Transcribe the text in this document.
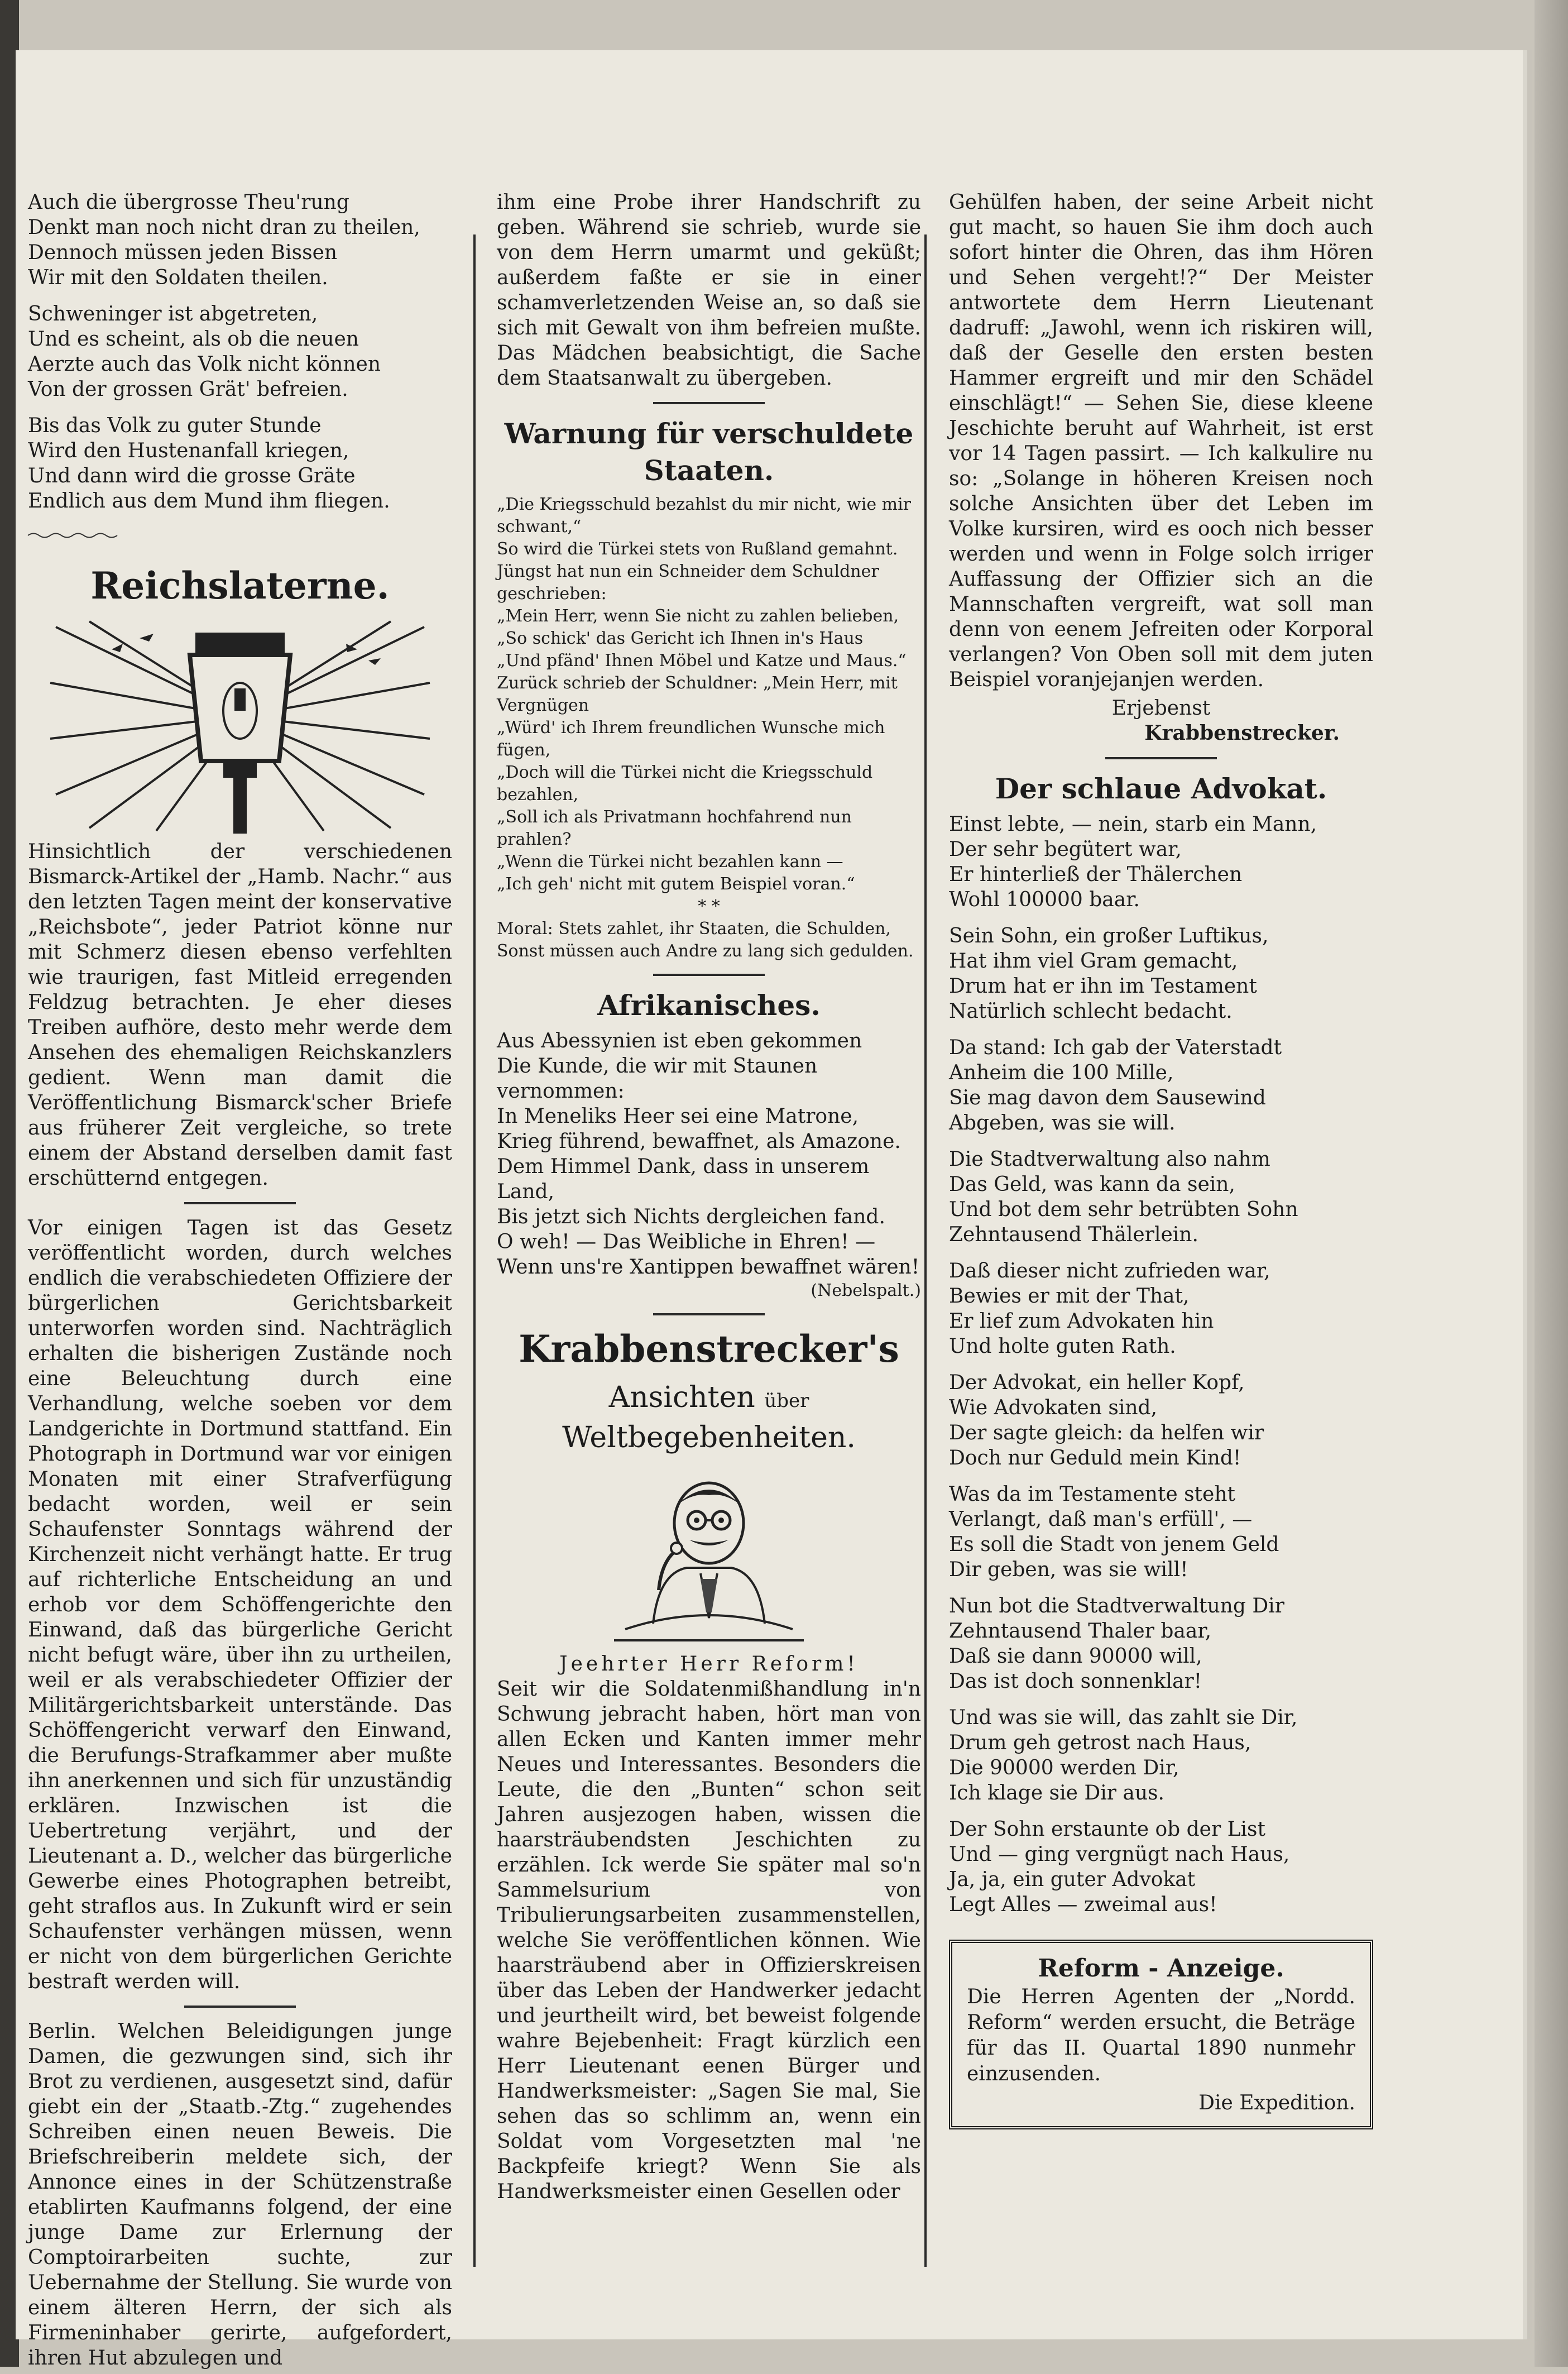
Auch die übergrosse Theu'rung
Denkt man noch nicht dran zu theilen,
Dennoch müssen jeden Bissen
Wir mit den Soldaten theilen.
Schweninger ist abgetreten,
Und es scheint, als ob die neuen
Aerzte auch das Volk nicht können
Von der grossen Grät' befreien.
Bis das Volk zu guter Stunde
Wird den Hustenanfall kriegen,
Und dann wird die grosse Gräte
Endlich aus dem Mund ihm fliegen.
Reichslaterne.

Hinsichtlich der verschiedenen Bismarck-Artikel der „Hamb. Nachr.“ aus den letzten Tagen meint der konservative „Reichsbote“, jeder Patriot könne nur mit Schmerz diesen ebenso verfehlten wie traurigen, fast Mitleid erregenden Feldzug betrachten. Je eher dieses Treiben aufhöre, desto mehr werde dem Ansehen des ehemaligen Reichskanzlers gedient. Wenn man damit die Veröffentlichung Bismarck'scher Briefe aus früherer Zeit vergleiche, so trete einem der Abstand derselben damit fast erschütternd entgegen.

Vor einigen Tagen ist das Gesetz veröffentlicht worden, durch welches endlich die verabschiedeten Offiziere der bürgerlichen Gerichtsbarkeit unterworfen worden sind. Nachträglich erhalten die bisherigen Zustände noch eine Beleuchtung durch eine Verhandlung, welche soeben vor dem Landgerichte in Dortmund stattfand. Ein Photograph in Dortmund war vor einigen Monaten mit einer Strafverfügung bedacht worden, weil er sein Schaufenster Sonntags während der Kirchenzeit nicht verhängt hatte. Er trug auf richterliche Entscheidung an und erhob vor dem Schöffengerichte den Einwand, daß das bürgerliche Gericht nicht befugt wäre, über ihn zu urtheilen, weil er als verabschiedeter Offizier der Militärgerichtsbarkeit unterstände. Das Schöffengericht verwarf den Einwand, die Berufungs-Strafkammer aber mußte ihn anerkennen und sich für unzuständig erklären. Inzwischen ist die Uebertretung verjährt, und der Lieutenant a. D., welcher das bürgerliche Gewerbe eines Photographen betreibt, geht straflos aus. In Zukunft wird er sein Schaufenster verhängen müssen, wenn er nicht von dem bürgerlichen Gerichte bestraft werden will.

Berlin. Welchen Beleidigungen junge Damen, die gezwungen sind, sich ihr Brot zu verdienen, ausgesetzt sind, dafür giebt ein der „Staatb.-Ztg.“ zugehendes Schreiben einen neuen Beweis. Die Briefschreiberin meldete sich, der Annonce eines in der Schützenstraße etablirten Kaufmanns folgend, der eine junge Dame zur Erlernung der Comptoirarbeiten suchte, zur Uebernahme der Stellung. Sie wurde von einem älteren Herrn, der sich als Firmeninhaber gerirte, aufgefordert, ihren Hut abzulegen und

ihm eine Probe ihrer Handschrift zu geben. Während sie schrieb, wurde sie von dem Herrn umarmt und geküßt; außerdem faßte er sie in einer schamverletzenden Weise an, so daß sie sich mit Gewalt von ihm befreien mußte. Das Mädchen beabsichtigt, die Sache dem Staatsanwalt zu übergeben.

Warnung für verschuldete Staaten.
„Die Kriegsschuld bezahlst du mir nicht, wie mir schwant,“
So wird die Türkei stets von Rußland gemahnt.
Jüngst hat nun ein Schneider dem Schuldner geschrieben:
„Mein Herr, wenn Sie nicht zu zahlen belieben,
„So schick' das Gericht ich Ihnen in's Haus
„Und pfänd' Ihnen Möbel und Katze und Maus.“
Zurück schrieb der Schuldner: „Mein Herr, mit Vergnügen
„Würd' ich Ihrem freundlichen Wunsche mich fügen,
„Doch will die Türkei nicht die Kriegsschuld bezahlen,
„Soll ich als Privatmann hochfahrend nun prahlen?
„Wenn die Türkei nicht bezahlen kann —
„Ich geh' nicht mit gutem Beispiel voran.“
* *
Moral: Stets zahlet, ihr Staaten, die Schulden,
Sonst müssen auch Andre zu lang sich gedulden.
Afrikanisches.
Aus Abessynien ist eben gekommen
Die Kunde, die wir mit Staunen vernommen:
In Meneliks Heer sei eine Matrone,
Krieg führend, bewaffnet, als Amazone.
Dem Himmel Dank, dass in unserem Land,
Bis jetzt sich Nichts dergleichen fand.
O weh! — Das Weibliche in Ehren! —
Wenn uns're Xantippen bewaffnet wären!
(Nebelspalt.)
Krabbenstrecker's
Ansichten über Weltbegebenheiten.
Jeehrter Herr Reform!

Seit wir die Soldatenmißhandlung in'n Schwung jebracht haben, hört man von allen Ecken und Kanten immer mehr Neues und Interessantes. Besonders die Leute, die den „Bunten“ schon seit Jahren ausjezogen haben, wissen die haarsträubendsten Jeschichten zu erzählen. Ick werde Sie später mal so'n Sammelsurium von Tribulierungsarbeiten zusammenstellen, welche Sie veröffentlichen können. Wie haarsträubend aber in Offizierskreisen über das Leben der Handwerker jedacht und jeurtheilt wird, bet beweist folgende wahre Bejebenheit: Fragt kürzlich een Herr Lieutenant eenen Bürger und Handwerksmeister: „Sagen Sie mal, Sie sehen das so schlimm an, wenn ein Soldat vom Vorgesetzten mal 'ne Backpfeife kriegt? Wenn Sie als Handwerksmeister einen Gesellen oder

Gehülfen haben, der seine Arbeit nicht gut macht, so hauen Sie ihm doch auch sofort hinter die Ohren, das ihm Hören und Sehen vergeht!?“ Der Meister antwortete dem Herrn Lieutenant dadruff: „Jawohl, wenn ich riskiren will, daß der Geselle den ersten besten Hammer ergreift und mir den Schädel einschlägt!“ — Sehen Sie, diese kleene Jeschichte beruht auf Wahrheit, ist erst vor 14 Tagen passirt. — Ich kalkulire nu so: „Solange in höheren Kreisen noch solche Ansichten über det Leben im Volke kursiren, wird es ooch nich besser werden und wenn in Folge solch irriger Auffassung der Offizier sich an die Mannschaften vergreift, wat soll man denn von eenem Jefreiten oder Korporal verlangen? Von Oben soll mit dem juten Beispiel voranjejanjen werden.

Erjebenst
Krabbenstrecker.
Der schlaue Advokat.
Einst lebte, — nein, starb ein Mann,
Der sehr begütert war,
Er hinterließ der Thälerchen
Wohl 100000 baar.
Sein Sohn, ein großer Luftikus,
Hat ihm viel Gram gemacht,
Drum hat er ihn im Testament
Natürlich schlecht bedacht.
Da stand: Ich gab der Vaterstadt
Anheim die 100 Mille,
Sie mag davon dem Sausewind
Abgeben, was sie will.
Die Stadtverwaltung also nahm
Das Geld, was kann da sein,
Und bot dem sehr betrübten Sohn
Zehntausend Thälerlein.
Daß dieser nicht zufrieden war,
Bewies er mit der That,
Er lief zum Advokaten hin
Und holte guten Rath.
Der Advokat, ein heller Kopf,
Wie Advokaten sind,
Der sagte gleich: da helfen wir
Doch nur Geduld mein Kind!
Was da im Testamente steht
Verlangt, daß man's erfüll', —
Es soll die Stadt von jenem Geld
Dir geben, was sie will!
Nun bot die Stadtverwaltung Dir
Zehntausend Thaler baar,
Daß sie dann 90000 will,
Das ist doch sonnenklar!
Und was sie will, das zahlt sie Dir,
Drum geh getrost nach Haus,
Die 90000 werden Dir,
Ich klage sie Dir aus.
Der Sohn erstaunte ob der List
Und — ging vergnügt nach Haus,
Ja, ja, ein guter Advokat
Legt Alles — zweimal aus!
Reform - Anzeige.

Die Herren Agenten der „Nordd. Reform“ werden ersucht, die Beträge für das II. Quartal 1890 nunmehr einzusenden.

Die Expedition.
